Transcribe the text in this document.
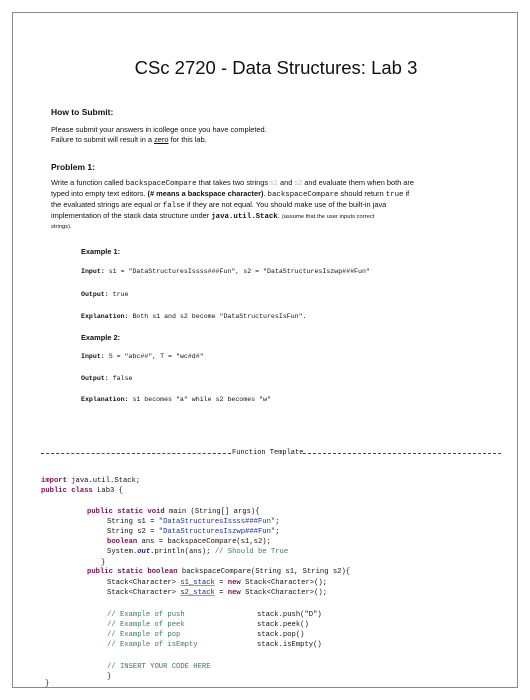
CSc 2720 - Data Structures: Lab 3
How to Submit:
Please submit your answers in icollege once you have completed.
Failure to submit will result in a zero for this lab.
Problem 1:
Write a function called backspaceCompare that takes two strings s1 and s2 and evaluate them when both are
typed into empty text editors. (# means a backspace character). backspaceCompare should return true if
the evaluated strings are equal or false if they are not equal. You should make use of the built-in java
implementation of the stack data structure under java.util.Stack. (assume that the user inputs correct
strings).
Example 1:
Input: s1 = "DataStructuresIssss###Fun", s2 = "DataStructuresIszwp###Fun"
Output: true
Explanation: Both s1 and s2 become "DataStructuresIsFun".
Example 2:
Input: S = "abc##", T = "wc#d#"
Output: false
Explanation: s1 becomes "a" while s2 becomes "w"
Function Template
import java.util.Stack;
public class Lab3 {
public static void main (String[] args){
String s1 = "DataStructuresIssss###Fun";
String s2 = "DataStructuresIszwp###Fun";
boolean ans = backspaceCompare(s1,s2);
System.out.println(ans); // Should be True
}
public static boolean backspaceCompare(String s1, String s2){
Stack<Character> s1_stack = new Stack<Character>();
Stack<Character> s2_stack = new Stack<Character>();
// Example of push
// Example of peek
// Example of pop
// Example of isEmpty
stack.push("D")
stack.peek()
stack.pop()
stack.isEmpty()
// INSERT YOUR CODE HERE
}
}
